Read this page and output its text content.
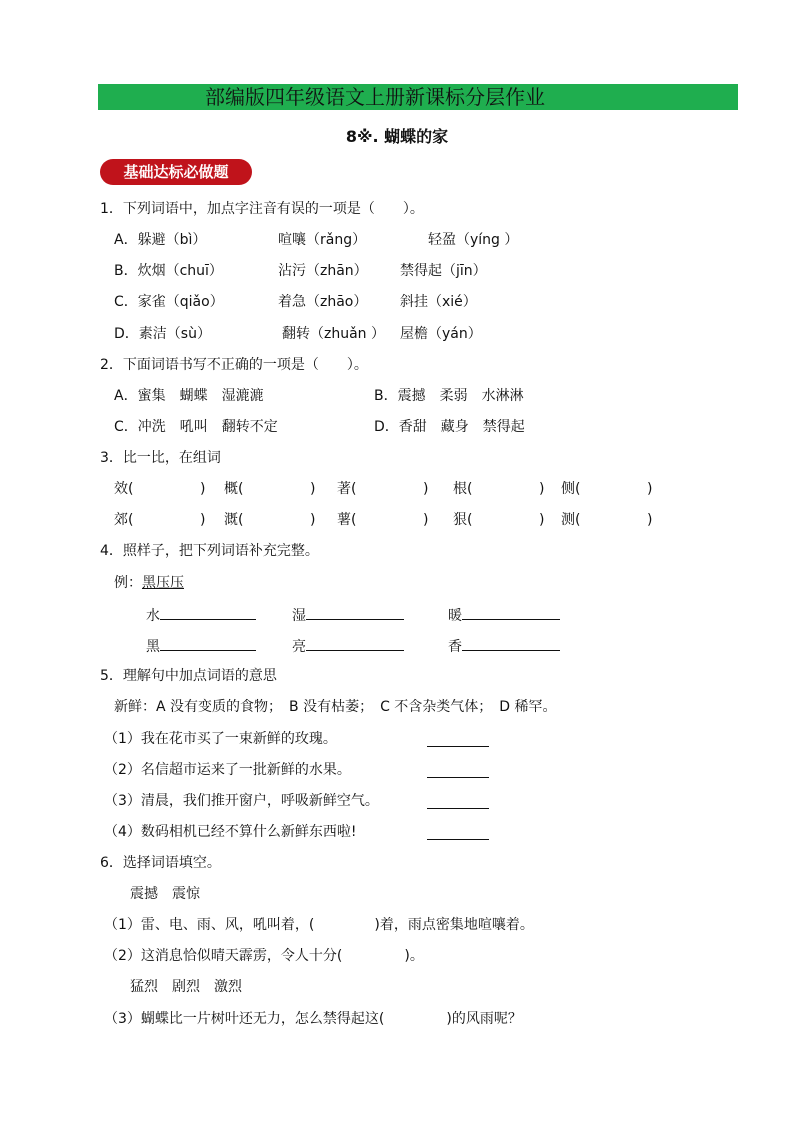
部编版四年级语文上册新课标分层作业
8※. 蝴蝶的家
基础达标必做题
1．下列词语中，加点字注音有误的一项是（　　）。
A．躲避（bì）	喧嚷（rǎng）	轻盈（yíng ）
B．炊烟（chuī）	沾污（zhān） 禁得起（jīn）
C．家雀（qiǎo）	着急（zhāo） 斜挂（xié）
D．素洁（sù）	翻转（zhuǎn ） 屋檐（yán）
2．下面词语书写不正确的一项是（　　）。
A．蜜集　蝴蝶　湿漉漉	B．震撼　柔弱　水淋淋
C．冲洗　吼叫　翻转不定	D．香甜　藏身　禁得起
3．比一比，在组词
效(	) 概(	) 著(	) 根(	) 侧(	)
郊(	) 溉(	) 薯(	) 狠(	) 测(	)
4．照样子，把下列词语补充完整。
例：黑压压
水	湿	暖
黑	亮	香
5．理解句中加点词语的意思
新鲜：A 没有变质的食物；　B 没有枯萎；　C 不含杂类气体；　D 稀罕。
（1）我在花市买了一束新鲜的玫瑰。
（2）名信超市运来了一批新鲜的水果。
（3）清晨，我们推开窗户，呼吸新鲜空气。
（4）数码相机已经不算什么新鲜东西啦!
6．选择词语填空。
震撼　震惊
（1）雷、电、雨、风，吼叫着，(	)着，雨点密集地喧嚷着。
（2）这消息恰似晴天霹雳，令人十分(	)。
猛烈　剧烈　激烈
（3）蝴蝶比一片树叶还无力，怎么禁得起这(	)的风雨呢？
